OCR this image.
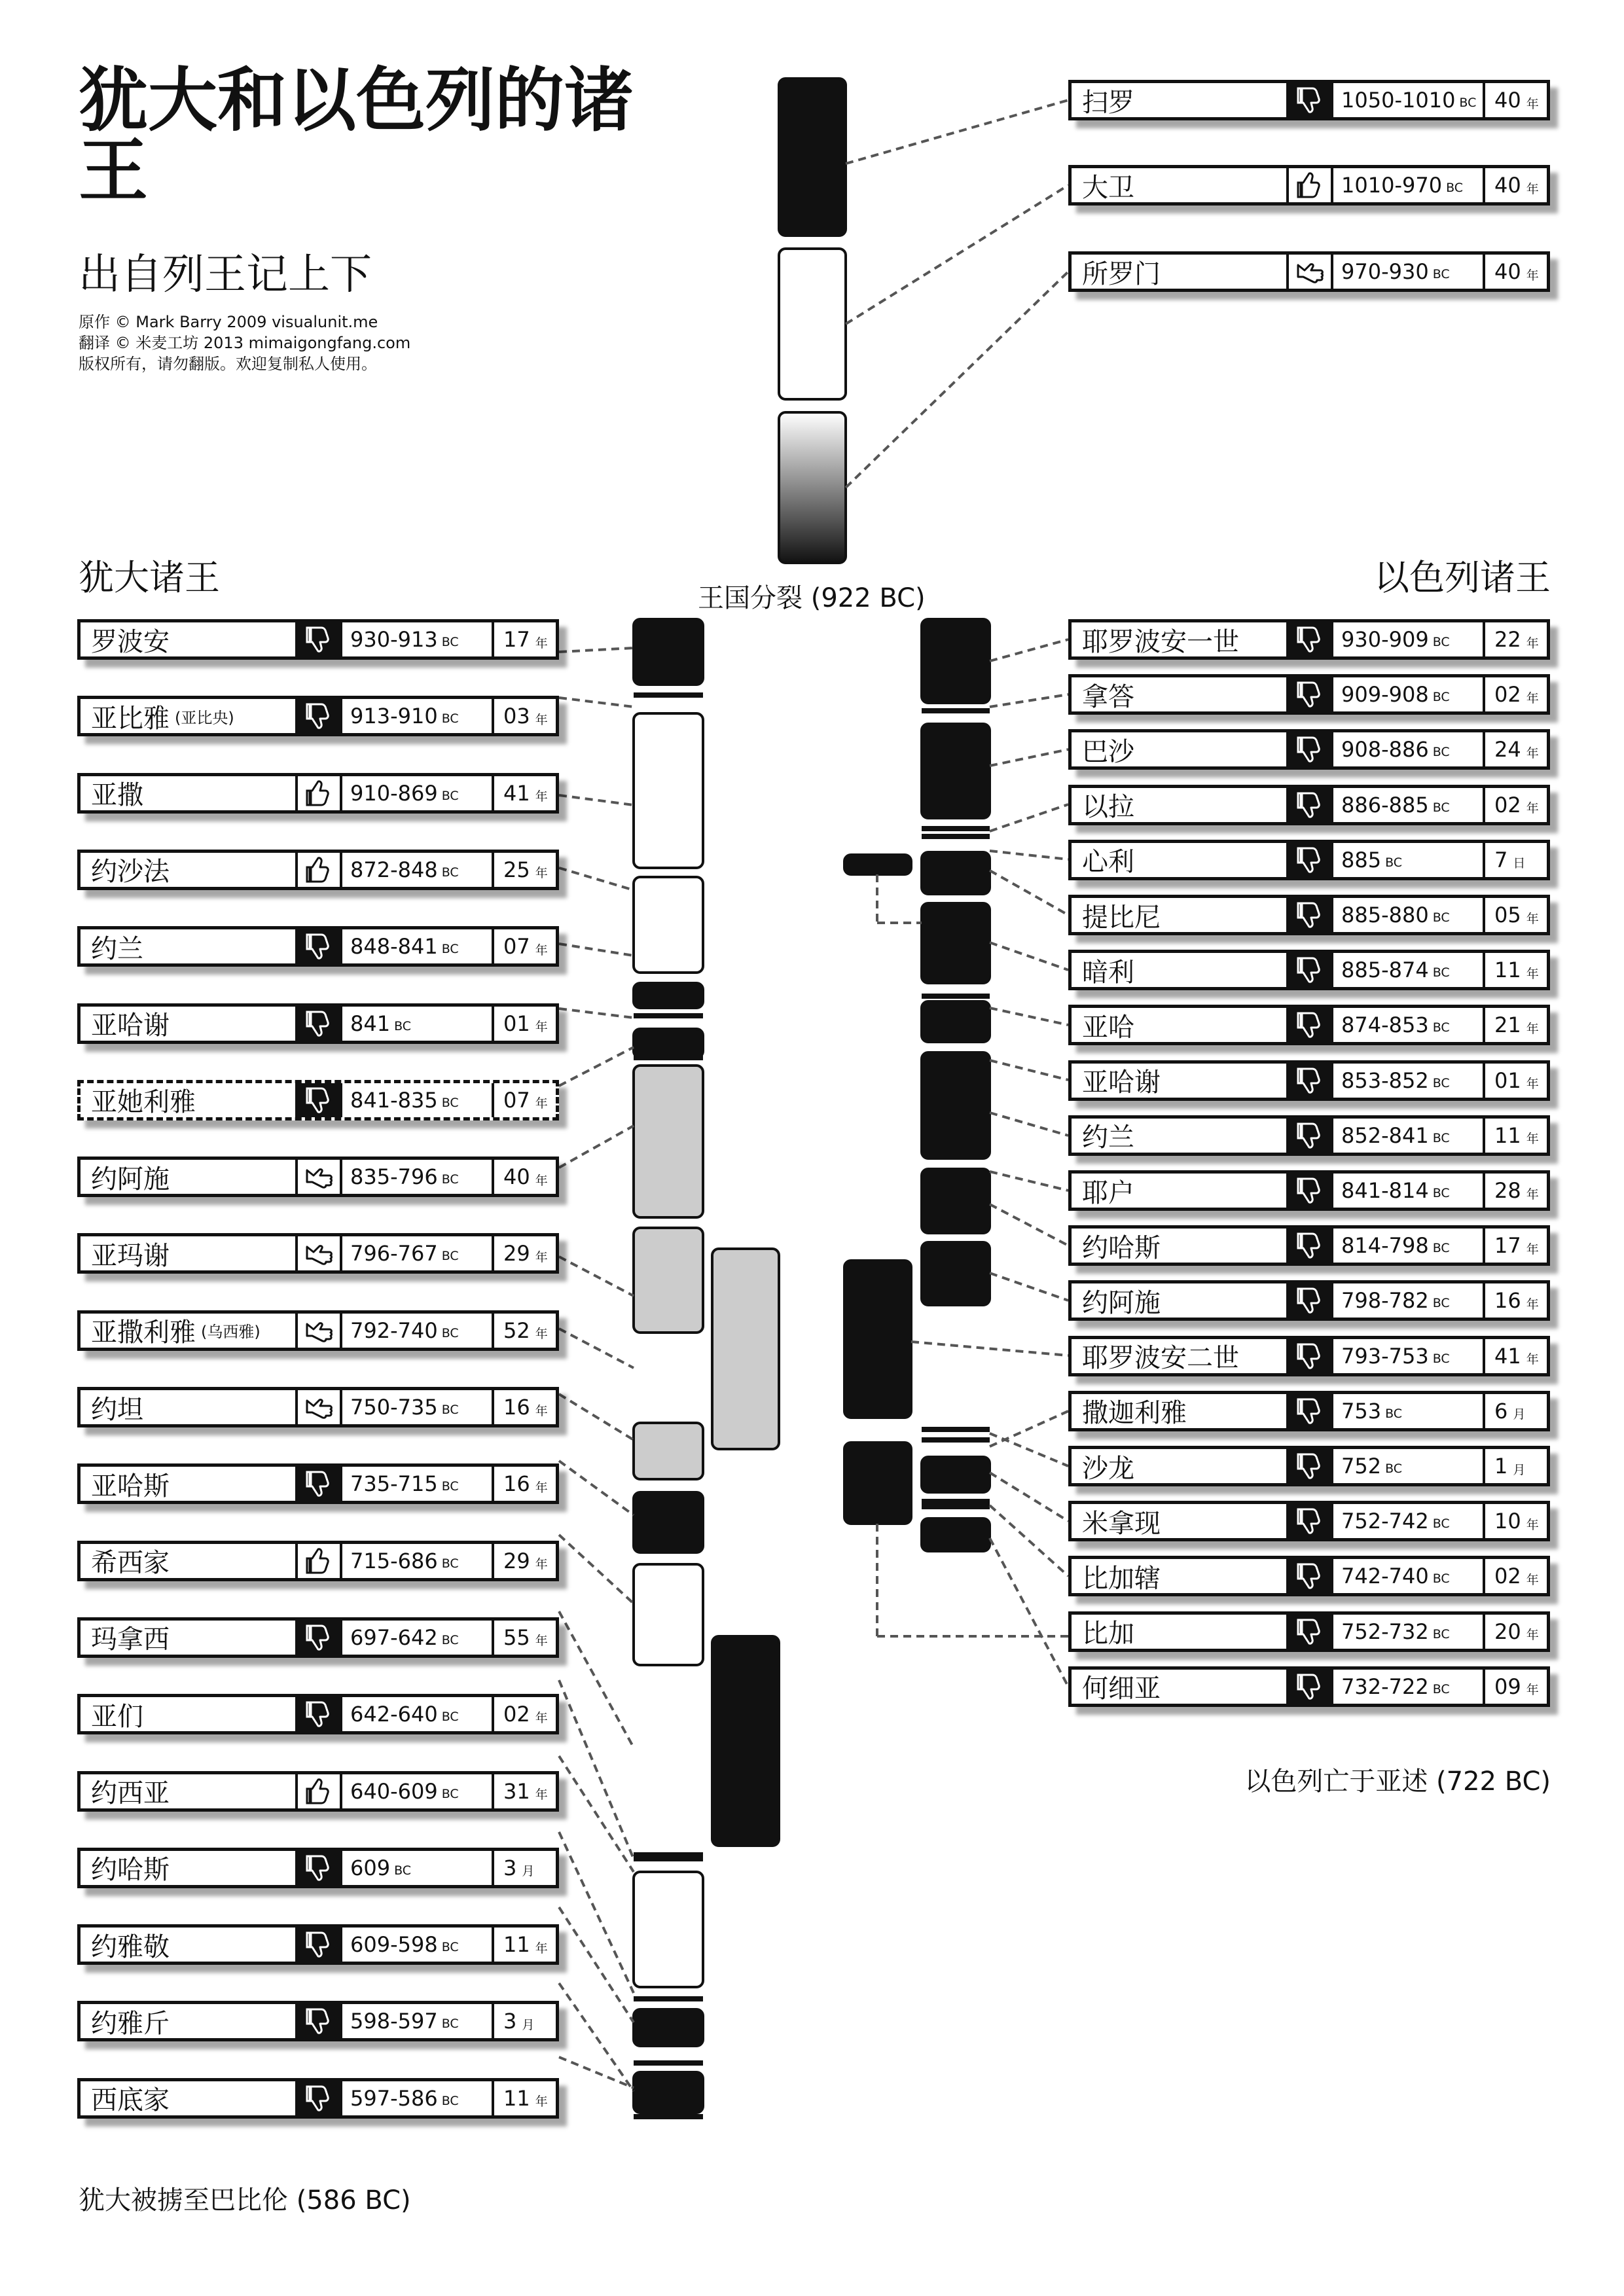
犹大和以色列的诸王
出自列王记上下
原作 © Mark Barry 2009 visualunit.me
翻译 © 米麦工坊 2013 mimaigongfang.com
版权所有，请勿翻版。欢迎复制私人使用。
犹大诸王	以色列诸王
王国分裂 (922 BC)
以色列亡于亚述 (722 BC)
犹大被掳至巴比伦 (586 BC)
扫罗	1050-1010 BC 40 年
大卫	1010-970 BC 40 年
所罗门	970-930 BC 40 年
罗波安	930-913 BC 17 年
亚比雅 (亚比央)	913-910 BC 03 年
亚撒	910-869 BC 41 年
约沙法	872-848 BC 25 年
约兰	848-841 BC 07 年
亚哈谢	841 BC	01 年
亚她利雅	841-835 BC 07 年
约阿施	835-796 BC 40 年
亚玛谢	796-767 BC 29 年
亚撒利雅 (乌西雅)	792-740 BC 52 年
约坦	750-735 BC 16 年
亚哈斯	735-715 BC 16 年
希西家	715-686 BC 29 年
玛拿西	697-642 BC 55 年
亚们	642-640 BC 02 年
约西亚	640-609 BC 31 年
约哈斯	609 BC	3 月
约雅敬	609-598 BC 11 年
约雅斤	598-597 BC 3 月
西底家	597-586 BC 11 年
耶罗波安一世	930-909 BC 22 年
拿答	909-908 BC 02 年
巴沙	908-886 BC 24 年
以拉	886-885 BC 02 年
心利	885 BC	7 日
提比尼	885-880 BC 05 年
暗利	885-874 BC 11 年
亚哈	874-853 BC 21 年
亚哈谢	853-852 BC 01 年
约兰	852-841 BC 11 年
耶户	841-814 BC 28 年
约哈斯	814-798 BC 17 年
约阿施	798-782 BC 16 年
耶罗波安二世	793-753 BC 41 年
撒迦利雅	753 BC	6 月
沙龙	752 BC	1 月
米拿现	752-742 BC 10 年
比加辖	742-740 BC 02 年
比加	752-732 BC 20 年
何细亚	732-722 BC 09 年
